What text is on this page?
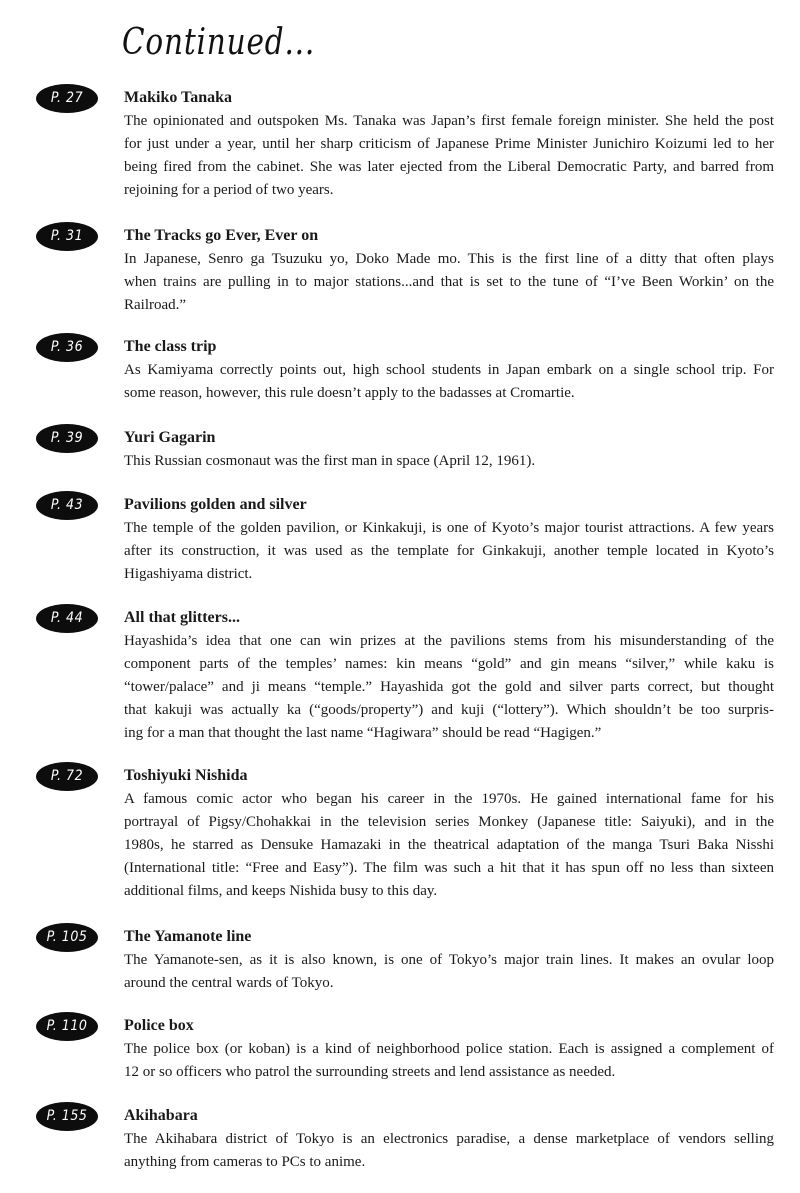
Continued...
P. 27	Makiko Tanaka
The opinionated and outspoken Ms. Tanaka was Japan’s first female foreign minister. She held the post
for just under a year, until her sharp criticism of Japanese Prime Minister Junichiro Koizumi led to her
being fired from the cabinet. She was later ejected from the Liberal Democratic Party, and barred from
rejoining for a period of two years.
P. 31	The Tracks go Ever, Ever on
In Japanese, Senro ga Tsuzuku yo, Doko Made mo. This is the first line of a ditty that often plays
when trains are pulling in to major stations...and that is set to the tune of “I’ve Been Workin’ on the
Railroad.”
P. 36	The class trip
As Kamiyama correctly points out, high school students in Japan embark on a single school trip. For
some reason, however, this rule doesn’t apply to the badasses at Cromartie.
P. 39	Yuri Gagarin
This Russian cosmonaut was the first man in space (April 12, 1961).
P. 43	Pavilions golden and silver
The temple of the golden pavilion, or Kinkakuji, is one of Kyoto’s major tourist attractions. A few years
after its construction, it was used as the template for Ginkakuji, another temple located in Kyoto’s
Higashiyama district.
P. 44	All that glitters...
Hayashida’s idea that one can win prizes at the pavilions stems from his misunderstanding of the
component parts of the temples’ names: kin means “gold” and gin means “silver,” while kaku is
“tower/palace” and ji means “temple.” Hayashida got the gold and silver parts correct, but thought
that kakuji was actually ka (“goods/property”) and kuji (“lottery”). Which shouldn’t be too surpris-
ing for a man that thought the last name “Hagiwara” should be read “Hagigen.”
P. 72	Toshiyuki Nishida
A famous comic actor who began his career in the 1970s. He gained international fame for his
portrayal of Pigsy/Chohakkai in the television series Monkey (Japanese title: Saiyuki), and in the
1980s, he starred as Densuke Hamazaki in the theatrical adaptation of the manga Tsuri Baka Nisshi
(International title: “Free and Easy”). The film was such a hit that it has spun off no less than sixteen
additional films, and keeps Nishida busy to this day.
P. 105	The Yamanote line
The Yamanote-sen, as it is also known, is one of Tokyo’s major train lines. It makes an ovular loop
around the central wards of Tokyo.
P. 110	Police box
The police box (or koban) is a kind of neighborhood police station. Each is assigned a complement of
12 or so officers who patrol the surrounding streets and lend assistance as needed.
P. 155	Akihabara
The Akihabara district of Tokyo is an electronics paradise, a dense marketplace of vendors selling
anything from cameras to PCs to anime.
